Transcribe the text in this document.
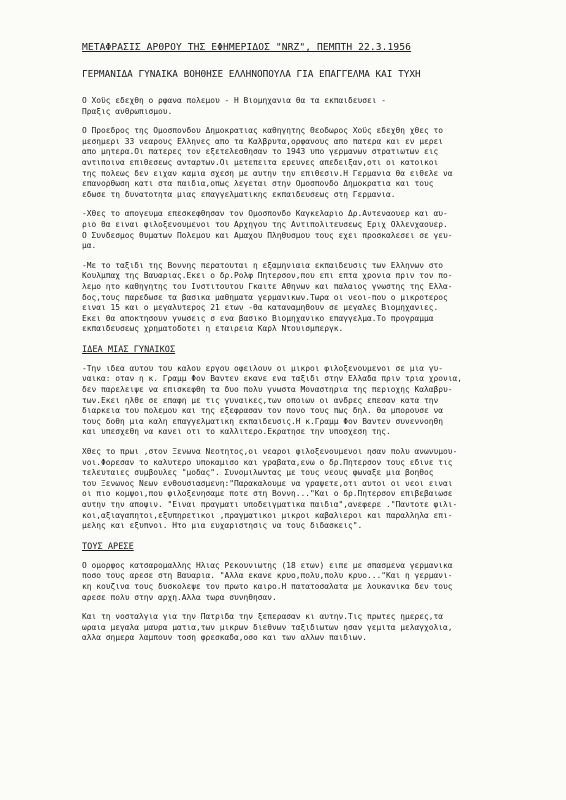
ΜΕΤΑΦΡΑΣΙΣ ΑΡΘΡΟΥ ΤΗΣ ΕΦΗΜΕΡΙΔΟΣ "NRZ", ΠΕΜΠΤΗ 22.3.1956
ΓΕΡΜΑΝΙΔΑ ΓΥΝΑΙΚΑ ΒΟΗΘΗΣΕ ΕΛΛΗΝΟΠΟΥΛΑ ΓΙΑ ΕΠΑΓΓΕΛΜΑ ΚΑΙ ΤΥΧΗ
Ο Χοϋς εδεχθη ο ρφανα πολεμου - Η Βιομηχανια θα τα εκπαιδευσει -
Πραξις ανθρωπισμου.
Ο Προεδρος της Ομοσπονδου Δημοκρατιας καθηγητης Θεοδωρος Χοϋς εδεχθη χθες το
μεσημερι 33 νεαρους Ελληνες απο τα Καλβρυτα,ορφανους απο πατερα και εν μερει
απο μητερα.Οι πατερες τον εξετελεσθησαν το 1943 υπο γερμανων στρατιωτων εις
αντιποινα επιθεσεως ανταρτων.Οι μετεπειτα ερευνες απεδειξαν,οτι οι κατοικοι
της πολεως δεν ειχαν καμια σχεση με αυτην την επιθεσιν.Η Γερμανια θα ειθελε να
επανορθωση κατι στα παιδια,οπως λεγεται στην Ομοσπονδο Δημοκρατια και τους
εδωσε τη δυνατοτητα μιας επαγγελματικης εκπαιδευσεως στη Γερμανια.
-Χθες το απογευμα επεσκεφθησαν τον Ομοσπονδο Καγκελαριο Δρ.Αντεναουερ και αυ-
ριο θα ειναι φιλοξενουμενοι του Αρχηγου της Αντιπολιτευσεως Εριχ Ολλενχαουερ.
Ο Συνδεσμος Θυματων Πολεμου και Αμαχου Πληθυσμου τους εχει προσκαλεσει σε γευ-
μα.
-Με το ταξιδι της Βοννης περατουται η εξαμηνιαια εκπαιδευσις των Ελληνων στο
Κουλμπαχ της Βαυαριας.Εκει ο δρ.Ρολφ Πητερσον,που επι επτα χρονια πριν τον πο-
λεμο ητο καθηγητης του Ινστιτουτου Γκαιτε Αθηνων και παλαιος γνωστης της Ελλα-
δος,τους παρεδωσε τα βασικα μαθηματα γερμανικων.Τωρα οι νεοι-που ο μικροτερος
ειναι 15 και ο μεγαλυτερος 21 ετων -θα καταναμηθουν σε μεγαλες Βιομηχανιες.
Εκει θα αποκτησουν γνωσεις σ ενα βασικο Βιομηχανικο επαγγελμα.Το προγραμμα
εκπαιδευσεως χρηματοδοτει η εταιρεια Καρλ Ντουισμπεργκ.
ΙΔΕΑ ΜΙΑΣ ΓΥΝΑΙΚΟΣ
-Την ιδεα αυτου του καλου εργου οφειλουν οι μικροι φιλοξενουμενοι σε μια γυ-
ναικα: οταν η κ. Γραμμ Φον Βαντεν εκανε ενα ταξιδι στην Ελλαδα πριν τρια χρονια,
δεν παρελειψε να επισκεφθη τα δυο πολυ γνωστα Μοναστηρια της περιοχης Καλαβρυ-
των.Εκει ηλθε σε επαφη με τις γυναικες,των οποιων οι ανδρες επεσαν κατα την
διαρκεια του πολεμου και της εξεφρασαν τον πονο τους πως δηλ. θα μπορουσε να
τους δοθη μια καλη επαγγελματικη εκπαιδευσις.Η κ.Γραμμ Φον Βαντεν συνεννοηθη
και υπεσχεθη να κανει οτι το καλλιτερο.Εκρατησε την υποσχεση της.
Χθες το πρωι ,στον Ξενωνα Νεοτητος,οι νεαροι φιλοξενουμενοι ησαν πολυ ανωνυμου-
νοι.Φορεσαν το καλυτερο υποκαμισο και γραβατα,ενω ο δρ.Πητερσον τους εδινε τις
τελευταιες συμβουλες "μοδας". Συνομιλωντας με τους νεους φωναξε μια βοηθος
του Ξενωνος Νεων ενθουσιασμενη:"Παρακαλουμε να γραψετε,οτι αυτοι οι νεοι ειναι
οι πιο κομψοι,που φιλοξενησαμε ποτε στη Βοννη..."Και ο δρ.Πητερσον επιβεβαιωσε
αυτην την αποψιν. "Ειναι πραγματι υποδειγματικα παιδια",ανεφερε ."Παντοτε φιλι-
κοι,αξιαγαπητοι,εξυπηρετικοι ,πραγματικοι μικροι καβαλιεροι και παραλληλα επι-
μελης και εξυπνοι. Ητο μια ευχαριστησις να τους διδασκεις".
ΤΟΥΣ ΑΡΕΣΕ
Ο ομορφος κατσαρομαλλης Ηλιας Ρεκουνιωτης (18 ετων) ειπε με σπασμενα γερμανικα
ποσο τους αρεσε στη Βαυαρια. "Αλλα εκανε κρυο,πολυ,πολυ κρυο..."Και η γερμανι-
κη κουζινα τους δυσκολεψε τον πρωτο καιρο.Η πατατοσαλατα με λουκανικα δεν τους
αρεσε πολυ στην αρχη.Αλλα τωρα συνηθησαν.
Και τη νοσταλγια για την Πατριδα την ξεπερασαν κι αυτην.Τις πρωτες ημερες,τα
ωραια μεγαλα μαυρα ματια,των μικρων διεθνων ταξιδιωτων ησαν γεμιτα μελαγχολια,
αλλα σημερα λαμπουν τοση φρεσκαδα,οσο και των αλλων παιδιων.
